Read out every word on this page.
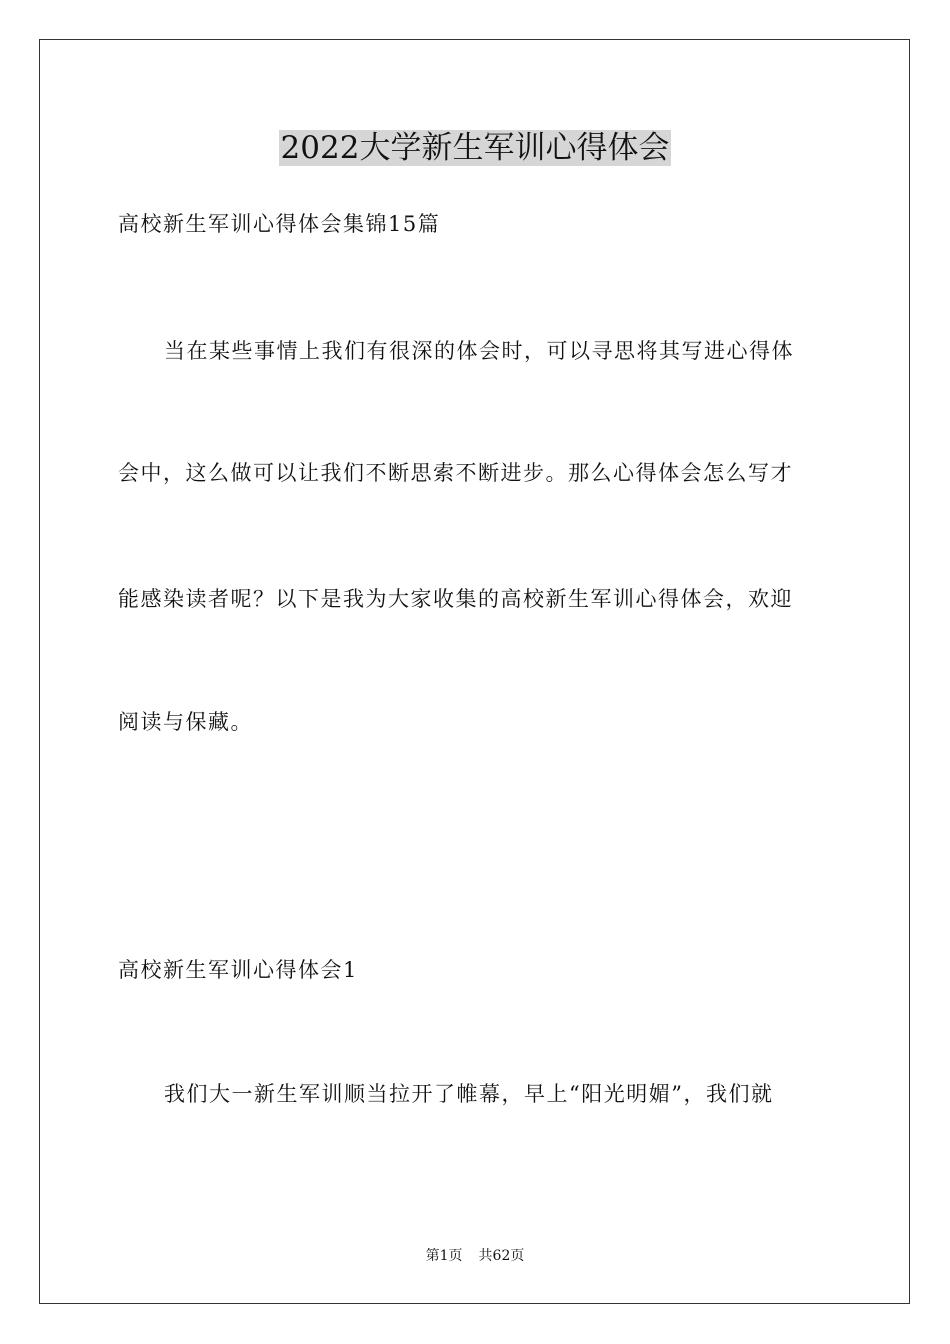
2022大学新生军训心得体会
高校新生军训心得体会集锦15篇
当在某些事情上我们有很深的体会时，可以寻思将其写进心得体
会中，这么做可以让我们不断思索不断进步。那么心得体会怎么写才
能感染读者呢？以下是我为大家收集的高校新生军训心得体会，欢迎
阅读与保藏。
高校新生军训心得体会1
我们大一新生军训顺当拉开了帷幕，早上“阳光明媚”，我们就
第1页 共62页
